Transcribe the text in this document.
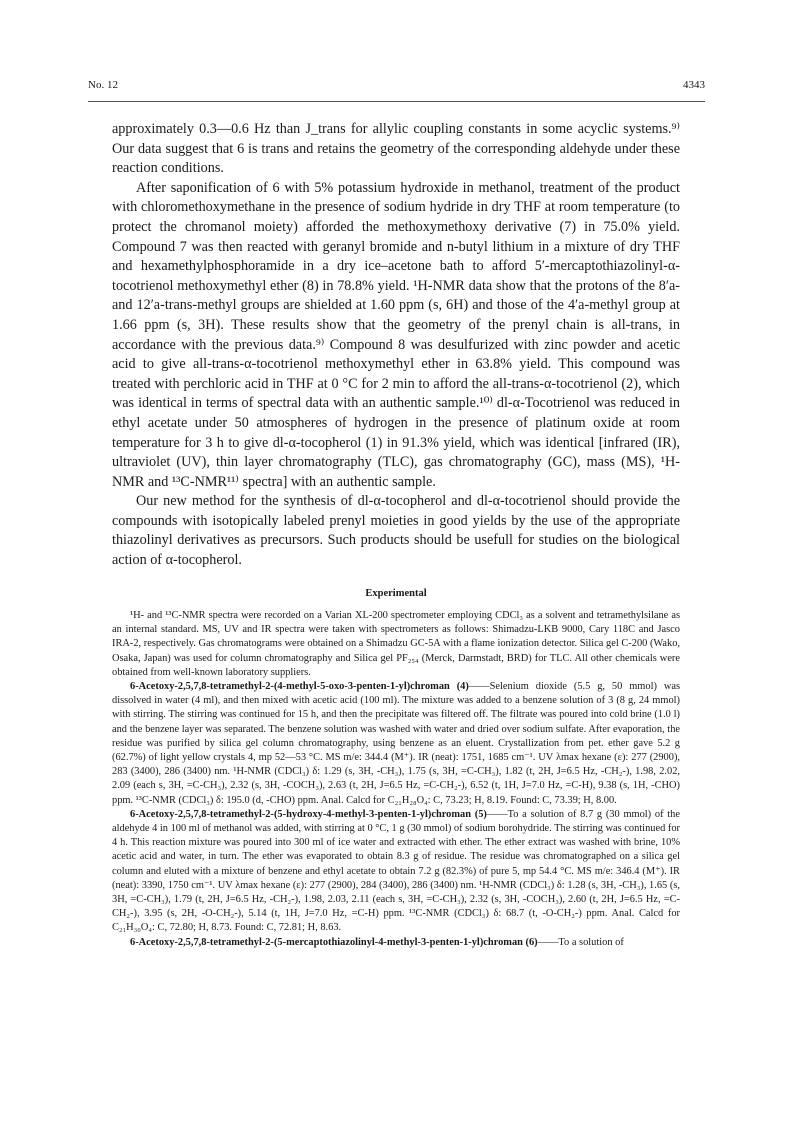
No. 12	4343

approximately 0.3—0.6 Hz than J_trans for allylic coupling constants in some acyclic systems.⁹⁾ Our data suggest that 6 is trans and retains the geometry of the corresponding aldehyde under these reaction conditions.

After saponification of 6 with 5% potassium hydroxide in methanol, treatment of the product with chloromethoxymethane in the presence of sodium hydride in dry THF at room temperature (to protect the chromanol moiety) afforded the methoxymethoxy derivative (7) in 75.0% yield. Compound 7 was then reacted with geranyl bromide and n-butyl lithium in a mixture of dry THF and hexamethylphosphoramide in a dry ice–acetone bath to afford 5′-mercaptothiazolinyl-α-tocotrienol methoxymethyl ether (8) in 78.8% yield. ¹H-NMR data show that the protons of the 8′a- and 12′a-trans-methyl groups are shielded at 1.60 ppm (s, 6H) and those of the 4′a-methyl group at 1.66 ppm (s, 3H). These results show that the geometry of the prenyl chain is all-trans, in accordance with the previous data.⁹⁾ Compound 8 was desulfurized with zinc powder and acetic acid to give all-trans-α-tocotrienol methoxymethyl ether in 63.8% yield. This compound was treated with perchloric acid in THF at 0 °C for 2 min to afford the all-trans-α-tocotrienol (2), which was identical in terms of spectral data with an authentic sample.¹⁰⁾ dl-α-Tocotrienol was reduced in ethyl acetate under 50 atmospheres of hydrogen in the presence of platinum oxide at room temperature for 3 h to give dl-α-tocopherol (1) in 91.3% yield, which was identical [infrared (IR), ultraviolet (UV), thin layer chromatography (TLC), gas chromatography (GC), mass (MS), ¹H-NMR and ¹³C-NMR¹¹⁾ spectra] with an authentic sample.

Our new method for the synthesis of dl-α-tocopherol and dl-α-tocotrienol should provide the compounds with isotopically labeled prenyl moieties in good yields by the use of the appropriate thiazolinyl derivatives as precursors. Such products should be usefull for studies on the biological action of α-tocopherol.

Experimental

¹H- and ¹³C-NMR spectra were recorded on a Varian XL-200 spectrometer employing CDCl₃ as a solvent and tetramethylsilane as an internal standard. MS, UV and IR spectra were taken with spectrometers as follows: Shimadzu-LKB 9000, Cary 118C and Jasco IRA-2, respectively. Gas chromatograms were obtained on a Shimadzu GC-5A with a flame ionization detector. Silica gel C-200 (Wako, Osaka, Japan) was used for column chromatography and Silica gel PF₂₅₄ (Merck, Darmstadt, BRD) for TLC. All other chemicals were obtained from well-known laboratory suppliers.

6-Acetoxy-2,5,7,8-tetramethyl-2-(4-methyl-5-oxo-3-penten-1-yl)chroman (4)——Selenium dioxide (5.5 g, 50 mmol) was dissolved in water (4 ml), and then mixed with acetic acid (100 ml). The mixture was added to a benzene solution of 3 (8 g, 24 mmol) with stirring. The stirring was continued for 15 h, and then the precipitate was filtered off. The filtrate was poured into cold brine (1.0 l) and the benzene layer was separated. The benzene solution was washed with water and dried over sodium sulfate. After evaporation, the residue was purified by silica gel column chromatography, using benzene as an eluent. Crystallization from pet. ether gave 5.2 g (62.7%) of light yellow crystals 4, mp 52—53 °C. MS m/e: 344.4 (M⁺). IR (neat): 1751, 1685 cm⁻¹. UV λmax hexane (ε): 277 (2900), 283 (3400), 286 (3400) nm. ¹H-NMR (CDCl₃) δ: 1.29 (s, 3H, -CH₃), 1.75 (s, 3H, =C-CH₃), 1.82 (t, 2H, J=6.5 Hz, -CH₂-), 1.98, 2.02, 2.09 (each s, 3H, =C-CH₃), 2.32 (s, 3H, -COCH₃), 2.63 (t, 2H, J=6.5 Hz, =C-CH₂-), 6.52 (t, 1H, J=7.0 Hz, =C-H), 9.38 (s, 1H, -CHO) ppm. ¹³C-NMR (CDCl₃) δ: 195.0 (d, -CHO) ppm. Anal. Calcd for C₂₁H₂₈O₄: C, 73.23; H, 8.19. Found: C, 73.39; H, 8.00.

6-Acetoxy-2,5,7,8-tetramethyl-2-(5-hydroxy-4-methyl-3-penten-1-yl)chroman (5)——To a solution of 8.7 g (30 mmol) of the aldehyde 4 in 100 ml of methanol was added, with stirring at 0 °C, 1 g (30 mmol) of sodium borohydride. The stirring was continued for 4 h. This reaction mixture was poured into 300 ml of ice water and extracted with ether. The ether extract was washed with brine, 10% acetic acid and water, in turn. The ether was evaporated to obtain 8.3 g of residue. The residue was chromatographed on a silica gel column and eluted with a mixture of benzene and ethyl acetate to obtain 7.2 g (82.3%) of pure 5, mp 54.4 °C. MS m/e: 346.4 (M⁺). IR (neat): 3390, 1750 cm⁻¹. UV λmax hexane (ε): 277 (2900), 284 (3400), 286 (3400) nm. ¹H-NMR (CDCl₃) δ: 1.28 (s, 3H, -CH₃), 1.65 (s, 3H, =C-CH₃), 1.79 (t, 2H, J=6.5 Hz, -CH₂-), 1.98, 2.03, 2.11 (each s, 3H, =C-CH₃), 2.32 (s, 3H, -COCH₃), 2.60 (t, 2H, J=6.5 Hz, =C-CH₂-), 3.95 (s, 2H, -O-CH₂-), 5.14 (t, 1H, J=7.0 Hz, =C-H) ppm. ¹³C-NMR (CDCl₃) δ: 68.7 (t, -O-CH₂-) ppm. Anal. Calcd for C₂₁H₃₀O₄: C, 72.80; H, 8.73. Found: C, 72.81; H, 8.63.

6-Acetoxy-2,5,7,8-tetramethyl-2-(5-mercaptothiazolinyl-4-methyl-3-penten-1-yl)chroman (6)——To a solution of
